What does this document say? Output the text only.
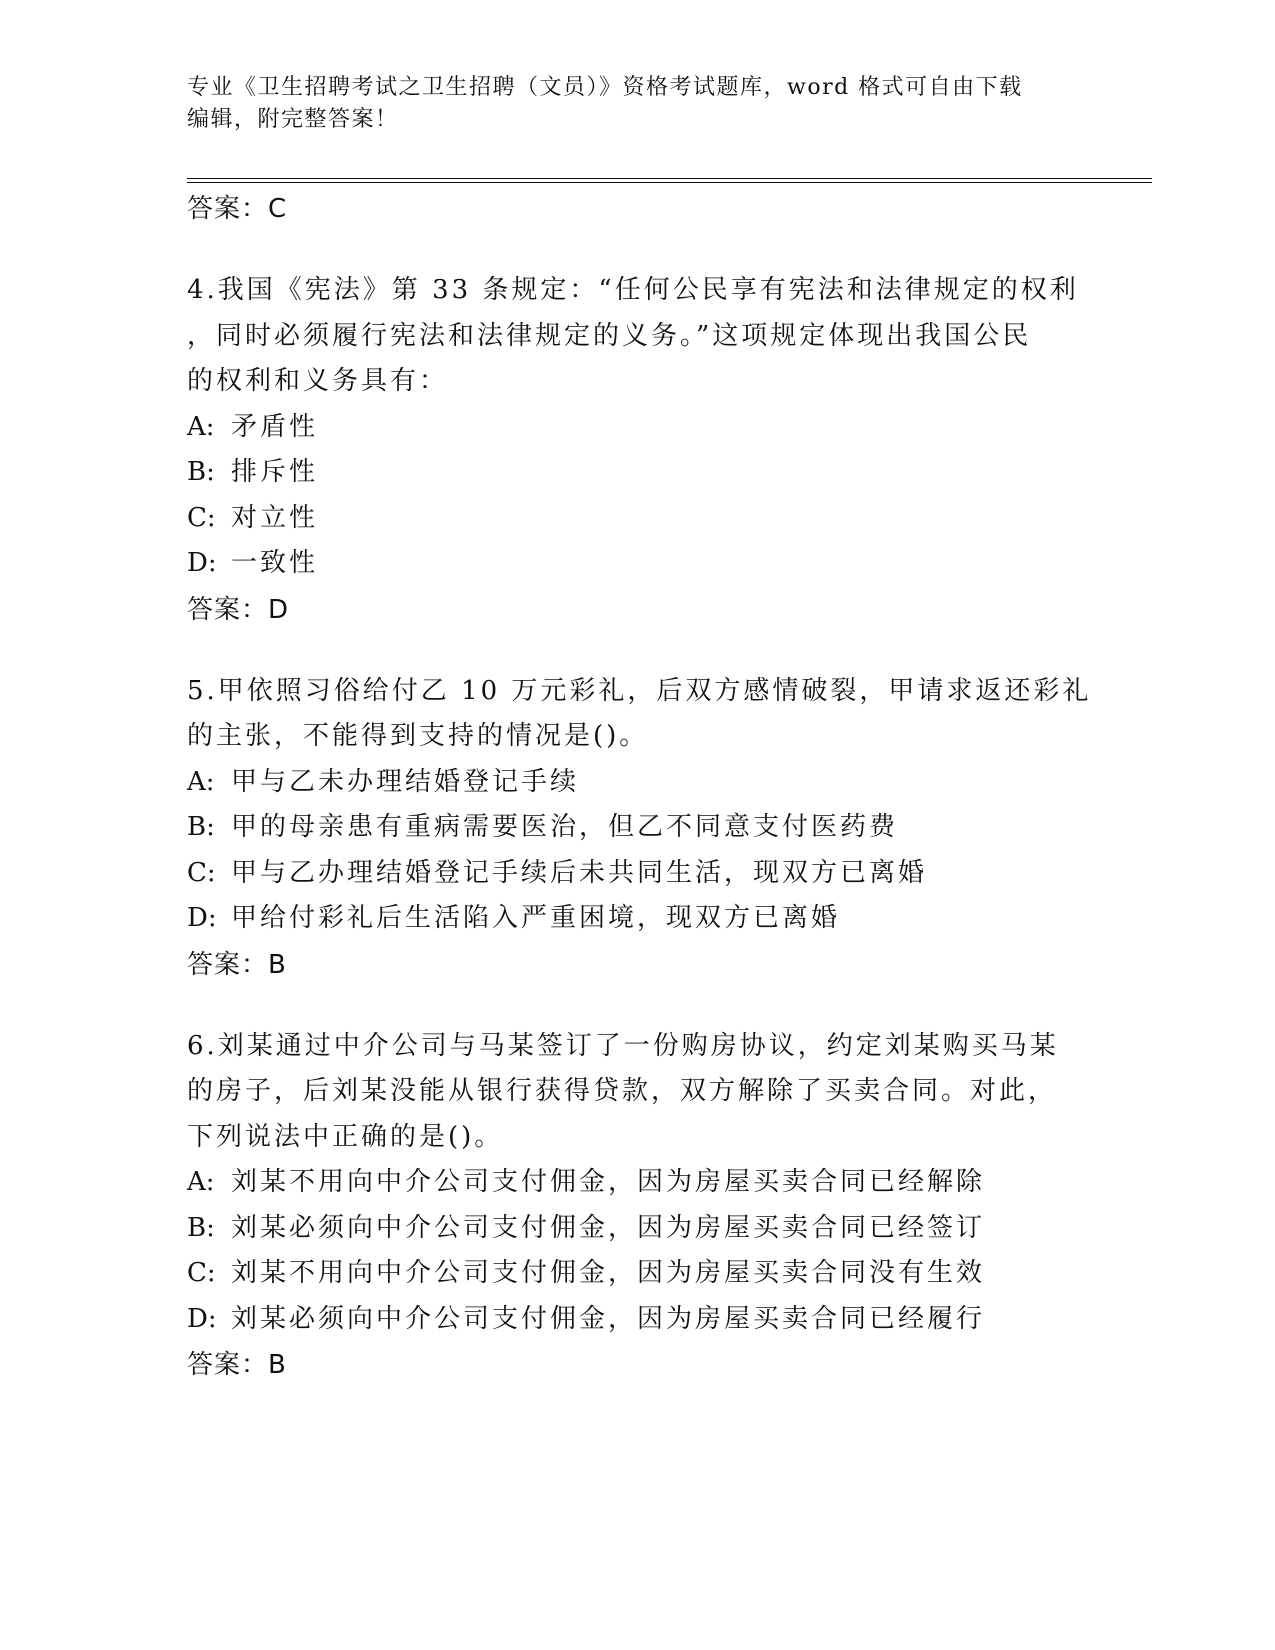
专业《卫生招聘考试之卫生招聘（文员）》资格考试题库，word 格式可自由下载
编辑，附完整答案！
答案：C
4.我国《宪法》第 33 条规定：“任何公民享有宪法和法律规定的权利
，同时必须履行宪法和法律规定的义务。”这项规定体现出我国公民
的权利和义务具有：
A: 矛盾性
B: 排斥性
C: 对立性
D: 一致性
答案：D
5.甲依照习俗给付乙 10 万元彩礼，后双方感情破裂，甲请求返还彩礼
的主张，不能得到支持的情况是()。
A: 甲与乙未办理结婚登记手续
B: 甲的母亲患有重病需要医治，但乙不同意支付医药费
C: 甲与乙办理结婚登记手续后未共同生活，现双方已离婚
D: 甲给付彩礼后生活陷入严重困境，现双方已离婚
答案：B
6.刘某通过中介公司与马某签订了一份购房协议，约定刘某购买马某
的房子，后刘某没能从银行获得贷款，双方解除了买卖合同。对此，
下列说法中正确的是()。
A: 刘某不用向中介公司支付佣金，因为房屋买卖合同已经解除
B: 刘某必须向中介公司支付佣金，因为房屋买卖合同已经签订
C: 刘某不用向中介公司支付佣金，因为房屋买卖合同没有生效
D: 刘某必须向中介公司支付佣金，因为房屋买卖合同已经履行
答案：B
